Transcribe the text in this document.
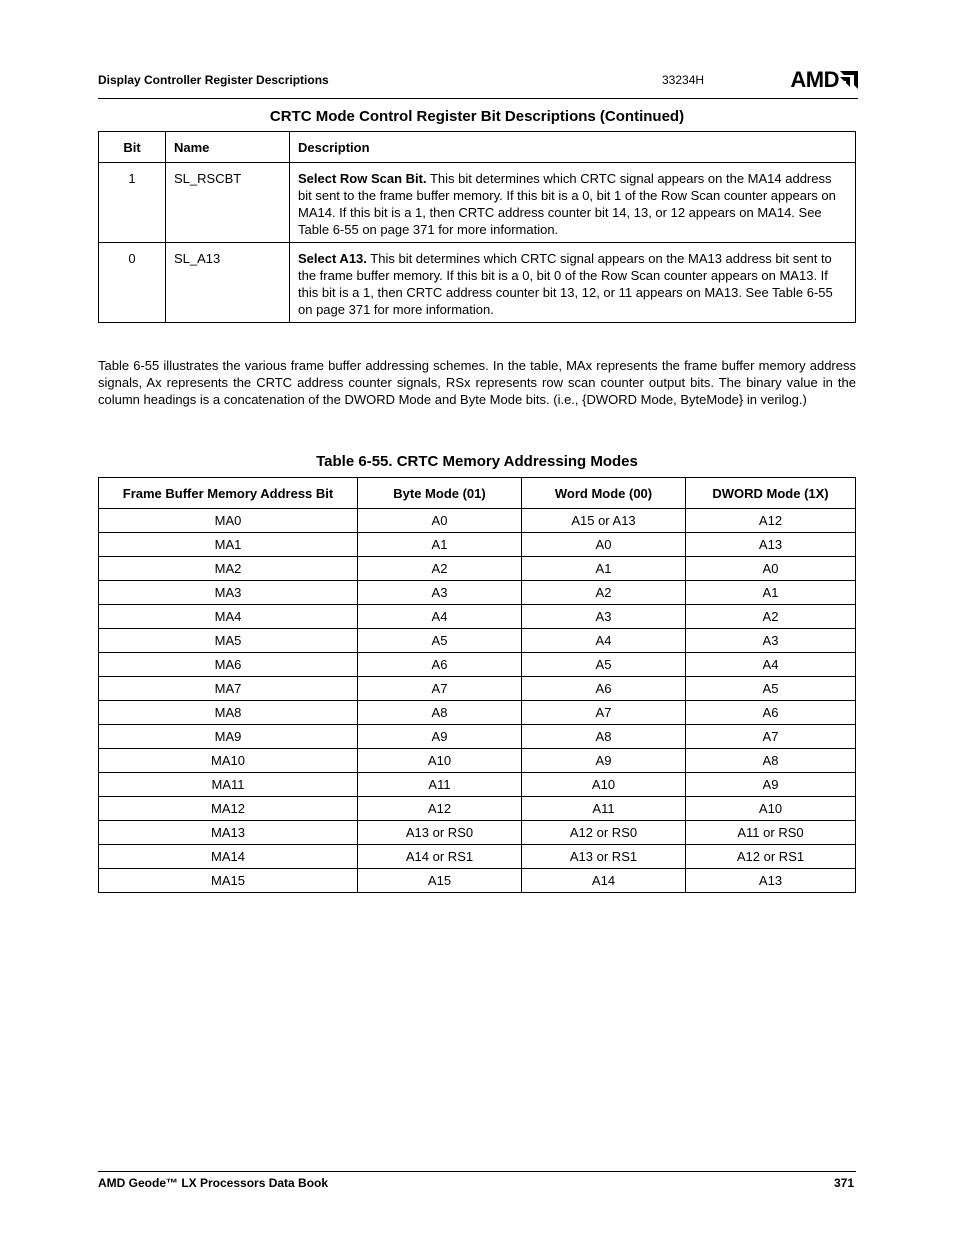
Display Controller Register Descriptions	33234H	AMD
CRTC Mode Control Register Bit Descriptions (Continued)
Bit	Name	Description
1	SL_RSCBT	Select Row Scan Bit. This bit determines which CRTC signal appears on the MA14 address bit sent to the frame buffer memory. If this bit is a 0, bit 1 of the Row Scan counter appears on MA14. If this bit is a 1, then CRTC address counter bit 14, 13, or 12 appears on MA14. See Table 6-55 on page 371 for more information.
0	SL_A13	Select A13. This bit determines which CRTC signal appears on the MA13 address bit sent to the frame buffer memory. If this bit is a 0, bit 0 of the Row Scan counter appears on MA13. If this bit is a 1, then CRTC address counter bit 13, 12, or 11 appears on MA13. See Table 6-55 on page 371 for more information.
Table 6-55 illustrates the various frame buffer addressing schemes. In the table, MAx represents the frame buffer memory address signals, Ax represents the CRTC address counter signals, RSx represents row scan counter output bits. The binary value in the column headings is a concatenation of the DWORD Mode and Byte Mode bits. (i.e., {DWORD Mode, ByteMode} in verilog.)
Table 6-55. CRTC Memory Addressing Modes
Frame Buffer Memory Address Bit	Byte Mode (01)	Word Mode (00)	DWORD Mode (1X)
MA0	A0	A15 or A13	A12
MA1	A1	A0	A13
MA2	A2	A1	A0
MA3	A3	A2	A1
MA4	A4	A3	A2
MA5	A5	A4	A3
MA6	A6	A5	A4
MA7	A7	A6	A5
MA8	A8	A7	A6
MA9	A9	A8	A7
MA10	A10	A9	A8
MA11	A11	A10	A9
MA12	A12	A11	A10
MA13	A13 or RS0	A12 or RS0	A11 or RS0
MA14	A14 or RS1	A13 or RS1	A12 or RS1
MA15	A15	A14	A13
AMD Geode™ LX Processors Data Book	371
